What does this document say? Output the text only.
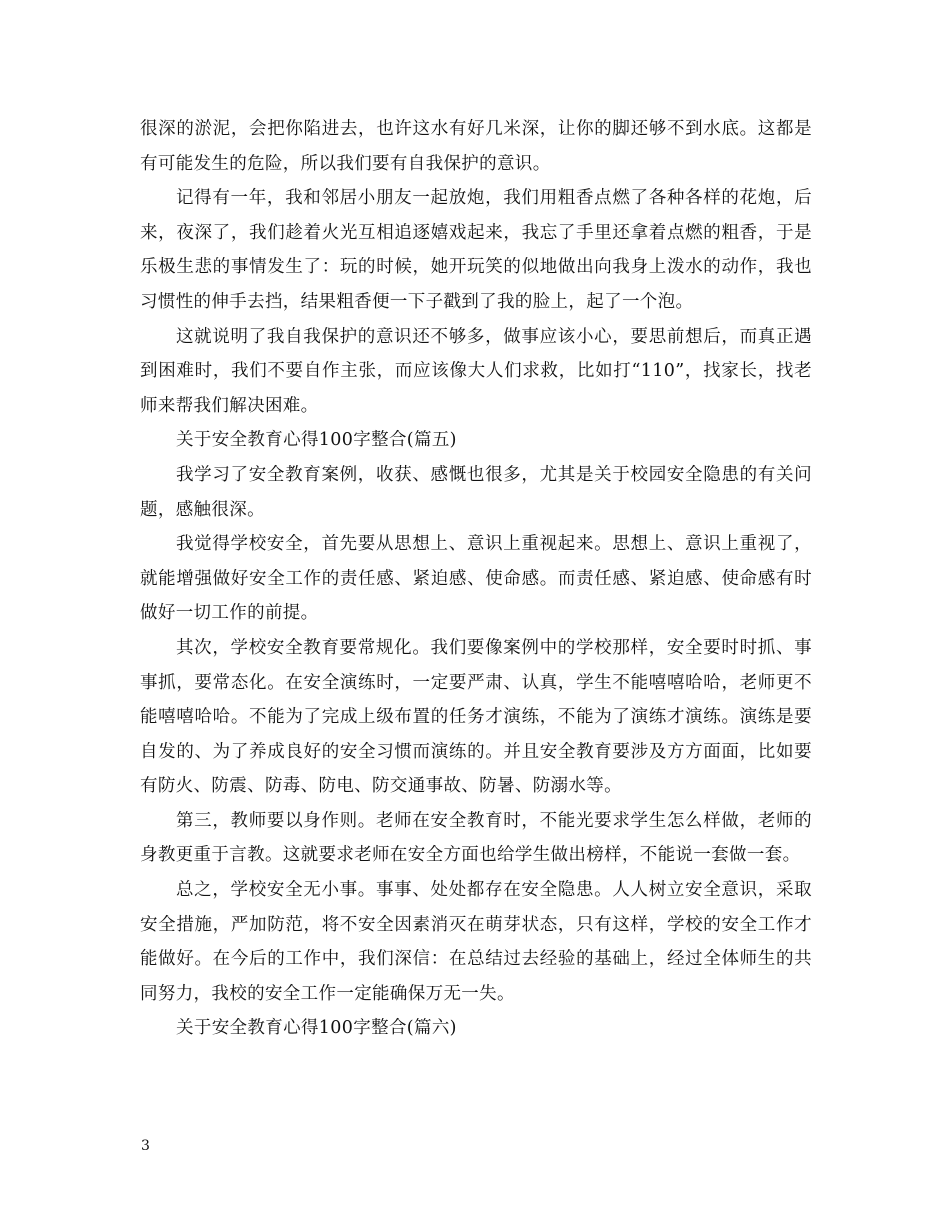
很深的淤泥，会把你陷进去，也许这水有好几米深，让你的脚还够不到水底。这都是有可能发生的危险，所以我们要有自我保护的意识。

记得有一年，我和邻居小朋友一起放炮，我们用粗香点燃了各种各样的花炮，后来，夜深了，我们趁着火光互相追逐嬉戏起来，我忘了手里还拿着点燃的粗香，于是乐极生悲的事情发生了：玩的时候，她开玩笑的似地做出向我身上泼水的动作，我也习惯性的伸手去挡，结果粗香便一下子戳到了我的脸上，起了一个泡。

这就说明了我自我保护的意识还不够多，做事应该小心，要思前想后，而真正遇到困难时，我们不要自作主张，而应该像大人们求救，比如打“110”，找家长，找老师来帮我们解决困难。

关于安全教育心得100字整合(篇五)

我学习了安全教育案例，收获、感慨也很多，尤其是关于校园安全隐患的有关问题，感触很深。

我觉得学校安全，首先要从思想上、意识上重视起来。思想上、意识上重视了，就能增强做好安全工作的责任感、紧迫感、使命感。而责任感、紧迫感、使命感有时做好一切工作的前提。

其次，学校安全教育要常规化。我们要像案例中的学校那样，安全要时时抓、事事抓，要常态化。在安全演练时，一定要严肃、认真，学生不能嘻嘻哈哈，老师更不能嘻嘻哈哈。不能为了完成上级布置的任务才演练，不能为了演练才演练。演练是要自发的、为了养成良好的安全习惯而演练的。并且安全教育要涉及方方面面，比如要有防火、防震、防毒、防电、防交通事故、防暑、防溺水等。

第三，教师要以身作则。老师在安全教育时，不能光要求学生怎么样做，老师的身教更重于言教。这就要求老师在安全方面也给学生做出榜样，不能说一套做一套。

总之，学校安全无小事。事事、处处都存在安全隐患。人人树立安全意识，采取安全措施，严加防范，将不安全因素消灭在萌芽状态，只有这样，学校的安全工作才能做好。在今后的工作中，我们深信：在总结过去经验的基础上，经过全体师生的共同努力，我校的安全工作一定能确保万无一失。

关于安全教育心得100字整合(篇六)

3
